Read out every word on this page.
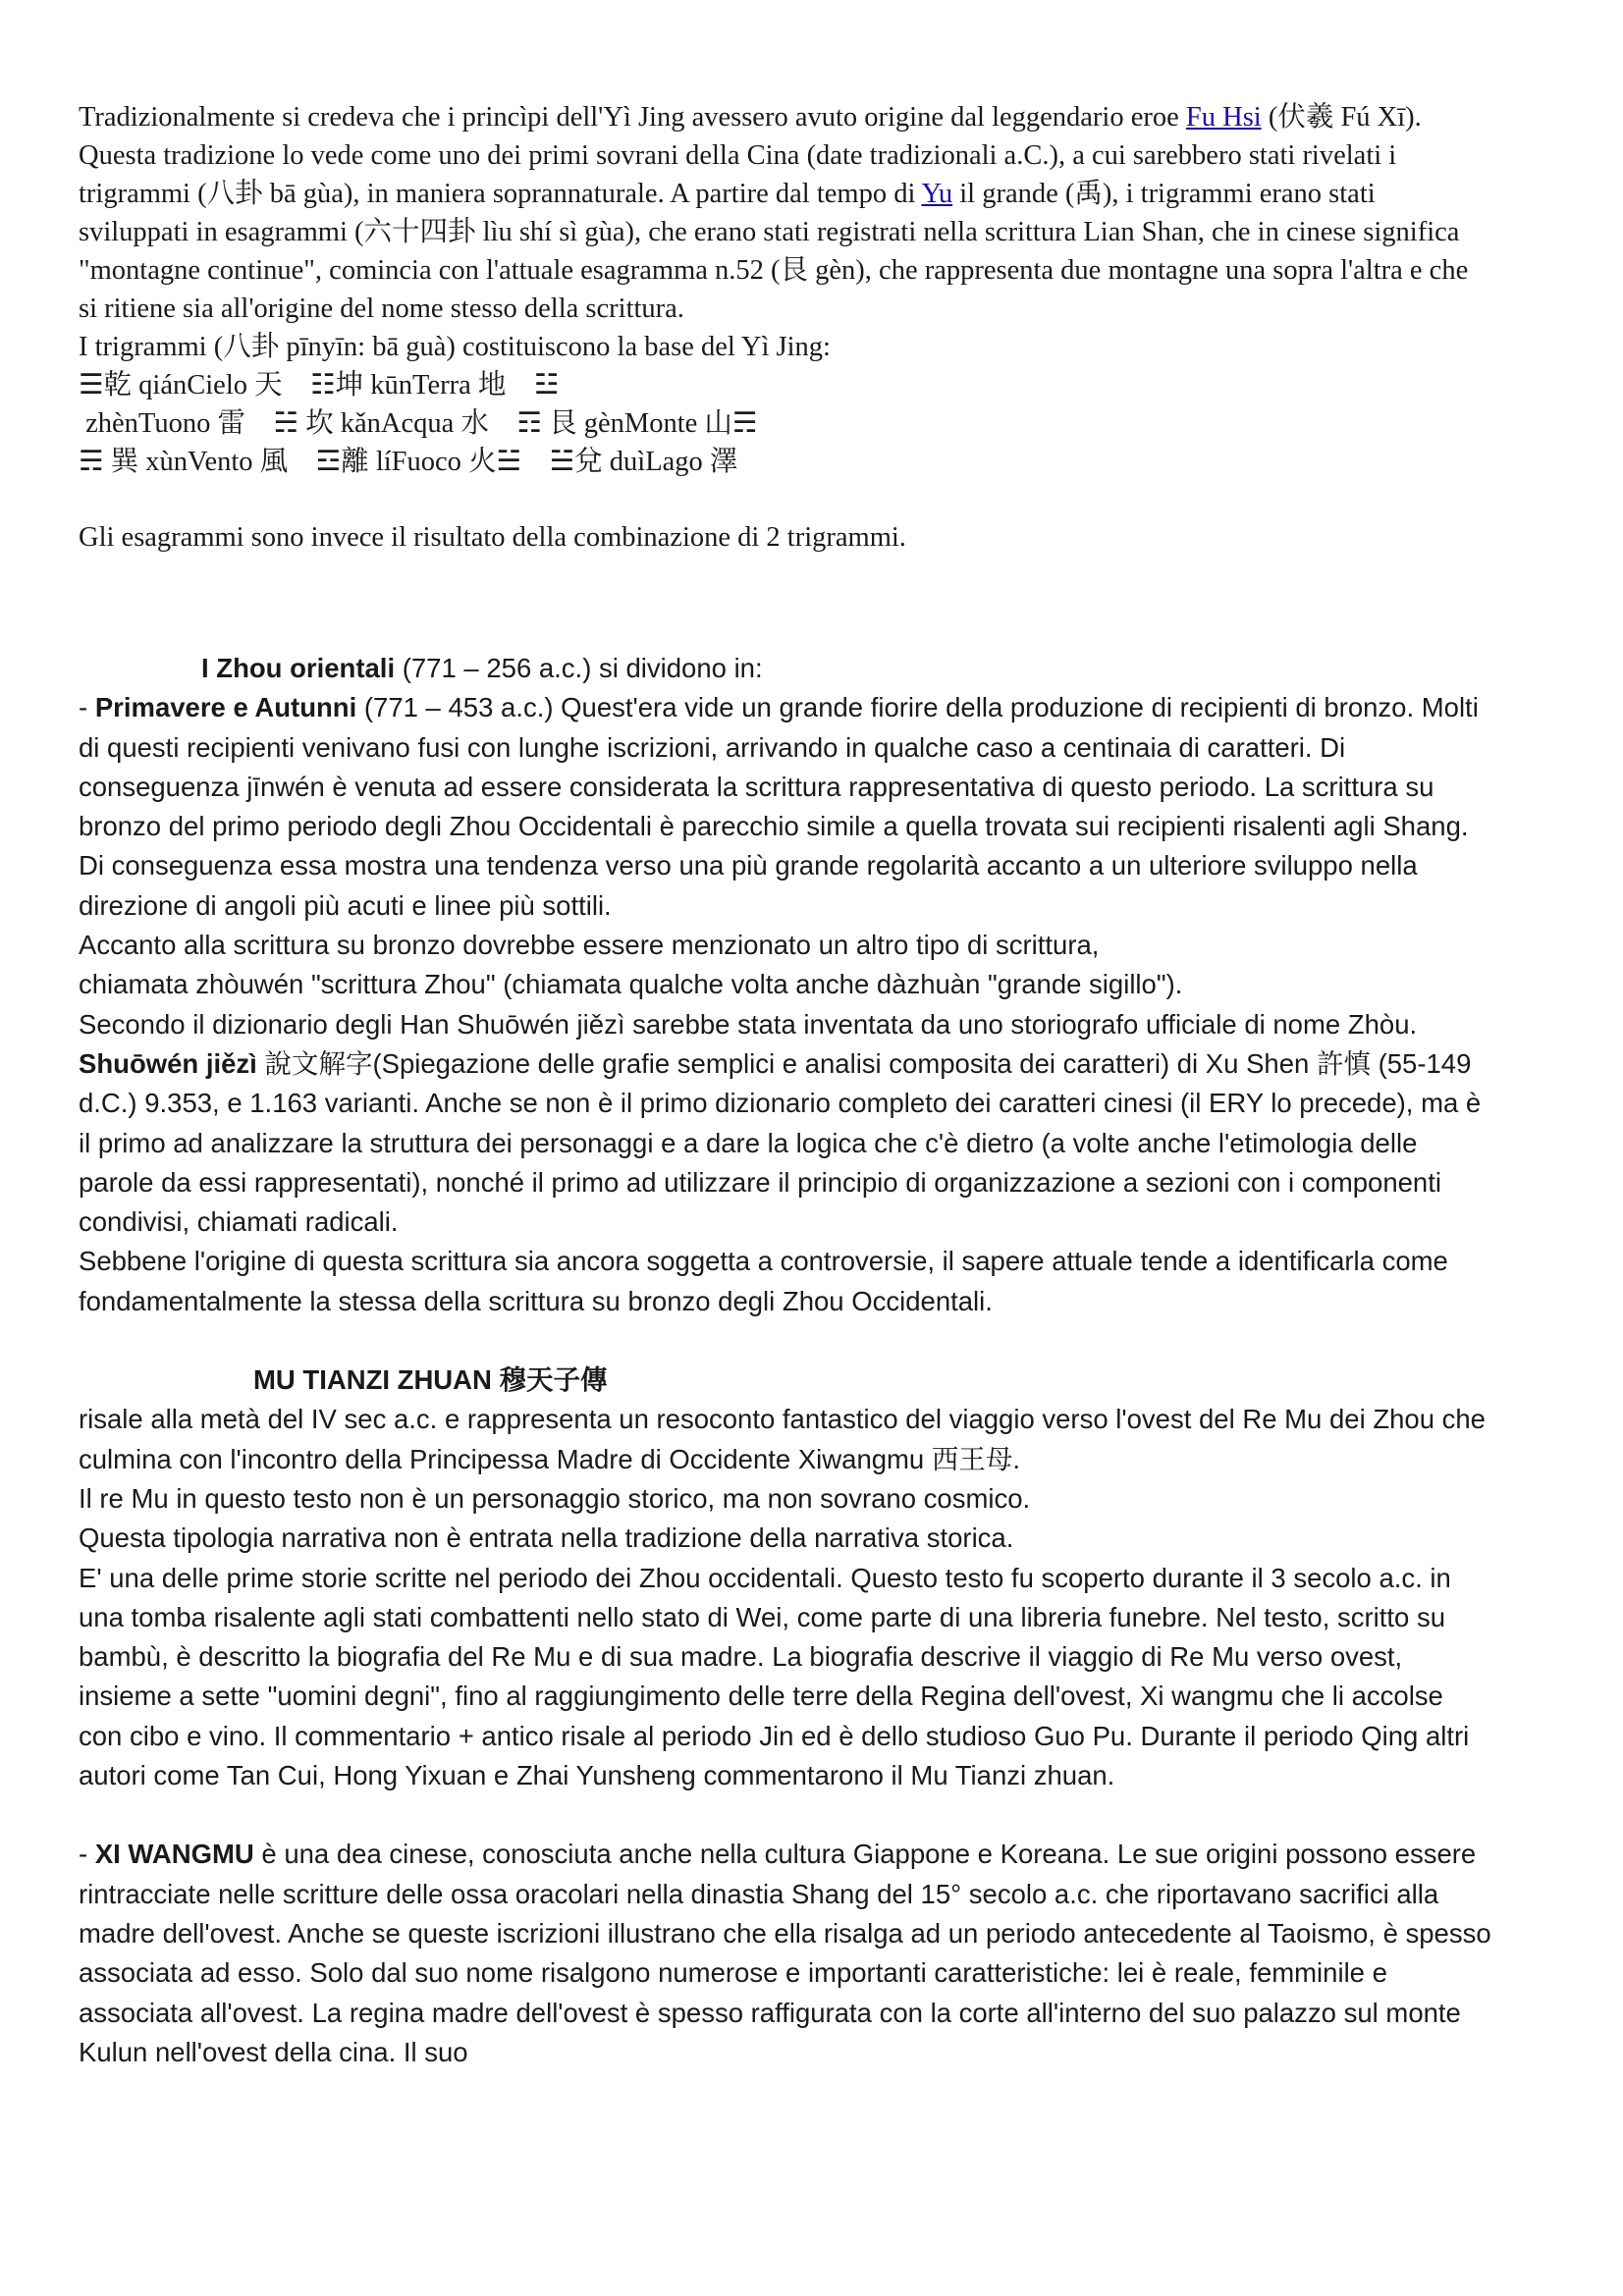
Tradizionalmente si credeva che i princìpi dell'Yì Jing avessero avuto origine dal leggendario eroe Fu Hsi (伏羲 Fú Xī). Questa tradizione lo vede come uno dei primi sovrani della Cina (date tradizionali a.C.), a cui sarebbero stati rivelati i trigrammi (八卦 bā gùa), in maniera soprannaturale. A partire dal tempo di Yu il grande (禹), i trigrammi erano stati sviluppati in esagrammi (六十四卦 lìu shí sì gùa), che erano stati registrati nella scrittura Lian Shan, che in cinese significa "montagne continue", comincia con l'attuale esagramma n.52 (艮 gèn), che rappresenta due montagne una sopra l'altra e che si ritiene sia all'origine del nome stesso della scrittura.

I trigrammi (八卦 pīnyīn: bā guà) costituiscono la base del Yì Jing:

☰乾 qiánCielo 天    ☷坤 kūnTerra 地    ☳

zhènTuono 雷    ☵ 坎 kǎnAcqua 水    ☶ 艮 gènMonte 山☴

☴ 巽 xùnVento 風    ☲離 líFuoco 火☱    ☱兌 duìLago 澤

Gli esagrammi sono invece il risultato della combinazione di 2 trigrammi.

I Zhou orientali (771 – 256 a.c.) si dividono in:

- Primavere e Autunni (771 – 453 a.c.) Quest'era vide un grande fiorire della produzione di recipienti di bronzo. Molti di questi recipienti venivano fusi con lunghe iscrizioni, arrivando in qualche caso a centinaia di caratteri. Di conseguenza jīnwén è venuta ad essere considerata la scrittura rappresentativa di questo periodo. La scrittura su bronzo del primo periodo degli Zhou Occidentali è parecchio simile a quella trovata sui recipienti risalenti agli Shang. Di conseguenza essa mostra una tendenza verso una più grande regolarità accanto a un ulteriore sviluppo nella direzione di angoli più acuti e linee più sottili.

Accanto alla scrittura su bronzo dovrebbe essere menzionato un altro tipo di scrittura,

chiamata zhòuwén "scrittura Zhou" (chiamata qualche volta anche dàzhuàn "grande sigillo").

Secondo il dizionario degli Han Shuōwén jiězì sarebbe stata inventata da uno storiografo ufficiale di nome Zhòu.

Shuōwén jiězì 說文解字(Spiegazione delle grafie semplici e analisi composita dei caratteri) di Xu Shen 許慎 (55-149 d.C.) 9.353, e 1.163 varianti. Anche se non è il primo dizionario completo dei caratteri cinesi (il ERY lo precede), ma è il primo ad analizzare la struttura dei personaggi e a dare la logica che c'è dietro (a volte anche l'etimologia delle parole da essi rappresentati), nonché il primo ad utilizzare il principio di organizzazione a sezioni con i componenti condivisi, chiamati radicali.

Sebbene l'origine di questa scrittura sia ancora soggetta a controversie, il sapere attuale tende a identificarla come fondamentalmente la stessa della scrittura su bronzo degli Zhou Occidentali.

MU TIANZI ZHUAN 穆天子傳

risale alla metà del IV sec a.c. e rappresenta un resoconto fantastico del viaggio verso l'ovest del Re Mu dei Zhou che culmina con l'incontro della Principessa Madre di Occidente Xiwangmu 西王母.

Il re Mu in questo testo non è un personaggio storico, ma non sovrano cosmico.

Questa tipologia narrativa non è entrata nella tradizione della narrativa storica.

E' una delle prime storie scritte nel periodo dei Zhou occidentali. Questo testo fu scoperto durante il 3 secolo a.c. in una tomba risalente agli stati combattenti nello stato di Wei, come parte di una libreria funebre. Nel testo, scritto su bambù, è descritto la biografia del Re Mu e di sua madre. La biografia descrive il viaggio di Re Mu verso ovest, insieme a sette "uomini degni", fino al raggiungimento delle terre della Regina dell'ovest, Xi wangmu che li accolse con cibo e vino. Il commentario + antico risale al periodo Jin ed è dello studioso Guo Pu. Durante il periodo Qing altri autori come Tan Cui, Hong Yixuan e Zhai Yunsheng commentarono il Mu Tianzi zhuan.

- XI WANGMU è una dea cinese, conosciuta anche nella cultura Giappone e Koreana. Le sue origini possono essere rintracciate nelle scritture delle ossa oracolari nella dinastia Shang del 15° secolo a.c. che riportavano sacrifici alla madre dell'ovest. Anche se queste iscrizioni illustrano che ella risalga ad un periodo antecedente al Taoismo, è spesso associata ad esso. Solo dal suo nome risalgono numerose e importanti caratteristiche: lei è reale, femminile e associata all'ovest. La regina madre dell'ovest è spesso raffigurata con la corte all'interno del suo palazzo sul monte Kulun nell'ovest della cina. Il suo
